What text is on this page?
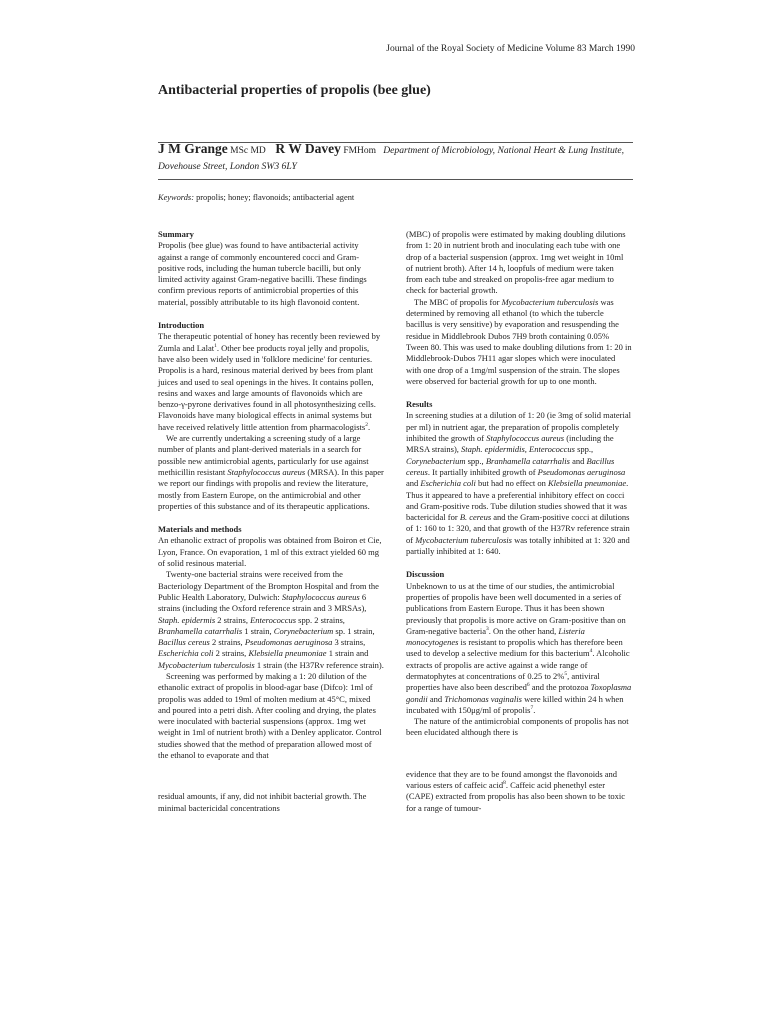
Journal of the Royal Society of Medicine Volume 83 March 1990
Antibacterial properties of propolis (bee glue)
J M Grange MSc MD R W Davey FMHom Department of Microbiology, National Heart & Lung Institute, Dovehouse Street, London SW3 6LY
Keywords: propolis; honey; flavonoids; antibacterial agent
Summary

Propolis (bee glue) was found to have antibacterial activity against a range of commonly encountered cocci and Gram-positive rods, including the human tubercle bacilli, but only limited activity against Gram-negative bacilli. These findings confirm previous reports of antimicrobial properties of this material, possibly attributable to its high flavonoid content.

Introduction

The therapeutic potential of honey has recently been reviewed by Zumla and Lalat$^1$. Other bee products royal jelly and propolis, have also been widely used in 'folklore medicine' for centuries. Propolis is a hard, resinous material derived by bees from plant juices and used to seal openings in the hives. It contains pollen, resins and waxes and large amounts of flavonoids which are benzo-γ-pyrone derivatives found in all photosynthesizing cells. Flavonoids have many biological effects in animal systems but have received relatively little attention from pharmacologists$^2$.

We are currently undertaking a screening study of a large number of plants and plant-derived materials in a search for possible new antimicrobial agents, particularly for use against methicillin resistant Staphylococcus aureus (MRSA). In this paper we report our findings with propolis and review the literature, mostly from Eastern Europe, on the antimicrobial and other properties of this substance and of its therapeutic applications.

Materials and methods

An ethanolic extract of propolis was obtained from Boiron et Cie, Lyon, France. On evaporation, 1 ml of this extract yielded 60 mg of solid resinous material.

Twenty-one bacterial strains were received from the Bacteriology Department of the Brompton Hospital and from the Public Health Laboratory, Dulwich: Staphylococcus aureus 6 strains (including the Oxford reference strain and 3 MRSAs), Staph. epidermis 2 strains, Enterococcus spp. 2 strains, Branhamella catarrhalis 1 strain, Corynebacterium sp. 1 strain, Bacillus cereus 2 strains, Pseudomonas aeruginosa 3 strains, Escherichia coli 2 strains, Klebsiella pneumoniae 1 strain and Mycobacterium tuberculosis 1 strain (the H37Rv reference strain).

Screening was performed by making a 1: 20 dilution of the ethanolic extract of propolis in blood-agar base (Difco): 1ml of propolis was added to 19ml of molten medium at 45°C, mixed and poured into a petri dish. After cooling and drying, the plates were inoculated with bacterial suspensions (approx. 1mg wet weight in 1ml of nutrient broth) with a Denley applicator. Control studies showed that the method of preparation allowed most of the ethanol to evaporate and that

residual amounts, if any, did not inhibit bacterial growth. The minimal bactericidal concentrations

(MBC) of propolis were estimated by making doubling dilutions from 1: 20 in nutrient broth and inoculating each tube with one drop of a bacterial suspension (approx. 1mg wet weight in 10ml of nutrient broth). After 14 h, loopfuls of medium were taken from each tube and streaked on propolis-free agar medium to check for bacterial growth.

The MBC of propolis for Mycobacterium tuberculosis was determined by removing all ethanol (to which the tubercle bacillus is very sensitive) by evaporation and resuspending the residue in Middlebrook Dubos 7H9 broth containing 0.05% Tween 80. This was used to make doubling dilutions from 1: 20 in Middlebrook-Dubos 7H11 agar slopes which were inoculated with one drop of a 1mg/ml suspension of the strain. The slopes were observed for bacterial growth for up to one month.

Results

In screening studies at a dilution of 1: 20 (ie 3mg of solid material per ml) in nutrient agar, the preparation of propolis completely inhibited the growth of Staphylococcus aureus (including the MRSA strains), Staph. epidermidis, Enterococcus spp., Corynebacterium spp., Branhamella catarrhalis and Bacillus cereus. It partially inhibited growth of Pseudomonas aeruginosa and Escherichia coli but had no effect on Klebsiella pneumoniae. Thus it appeared to have a preferential inhibitory effect on cocci and Gram-positive rods. Tube dilution studies showed that it was bactericidal for B. cereus and the Gram-positive cocci at dilutions of 1: 160 to 1: 320, and that growth of the H37Rv reference strain of Mycobacterium tuberculosis was totally inhibited at 1: 320 and partially inhibited at 1: 640.

Discussion

Unbeknown to us at the time of our studies, the antimicrobial properties of propolis have been well documented in a series of publications from Eastern Europe. Thus it has been shown previously that propolis is more active on Gram-positive than on Gram-negative bacteria$^3$. On the other hand, Listeria monocytogenes is resistant to propolis which has therefore been used to develop a selective medium for this bacterium$^4$. Alcoholic extracts of propolis are active against a wide range of dermatophytes at concentrations of 0.25 to 2%$^5$, antiviral properties have also been described$^6$ and the protozoa Toxoplasma gondii and Trichomonas vaginalis were killed within 24 h when incubated with 150μg/ml of propolis$^7$.

The nature of the antimicrobial components of propolis has not been elucidated although there is

evidence that they are to be found amongst the flavonoids and various esters of caffeic acid$^8$. Caffeic acid phenethyl ester (CAPE) extracted from propolis has also been shown to be toxic for a range of tumour-
